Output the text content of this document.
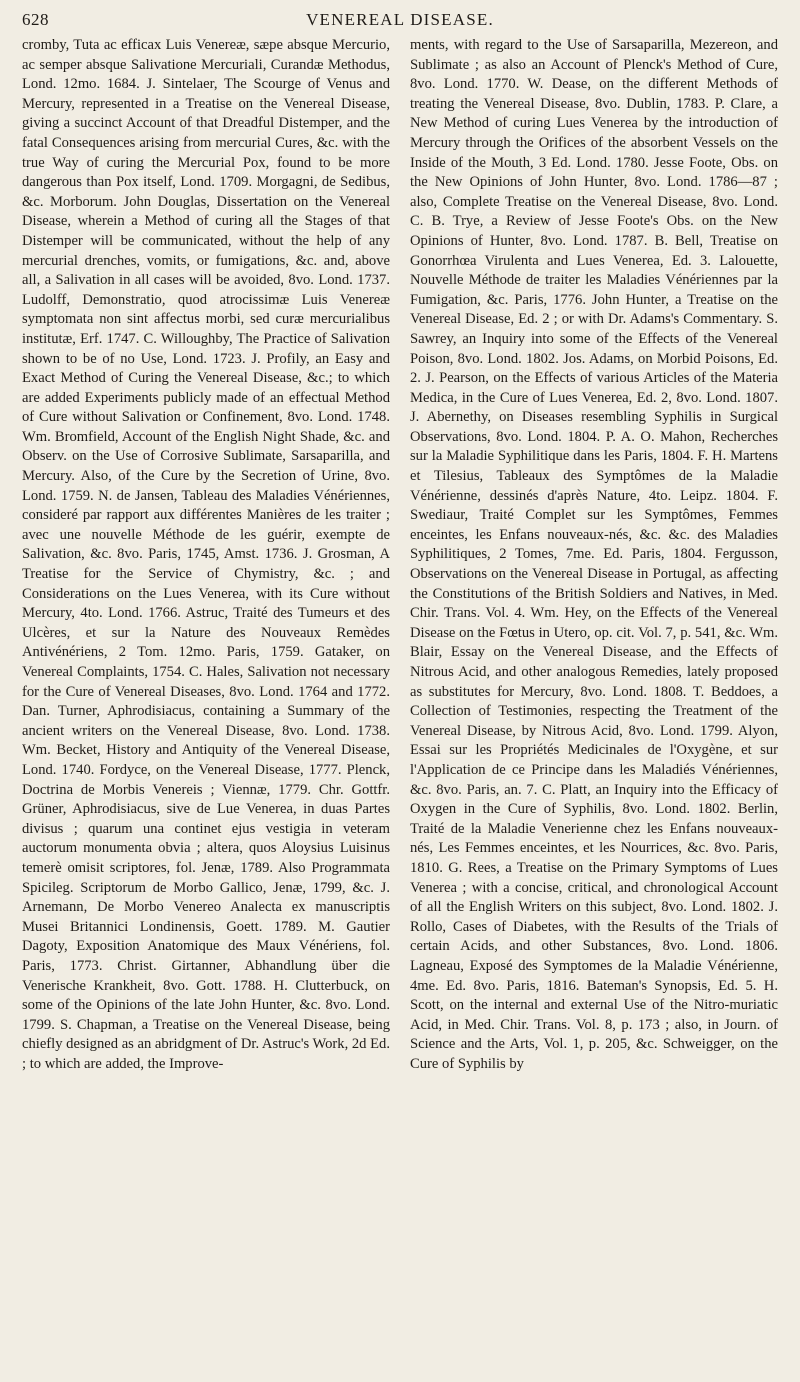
628	VENEREAL DISEASE.

cromby, Tuta ac efficax Luis Venereæ, sæpe absque Mercurio, ac semper absque Salivatione Mercuriali, Curandæ Methodus, Lond. 12mo. 1684. J. Sintelaer, The Scourge of Venus and Mercury, represented in a Treatise on the Venereal Disease, giving a succinct Account of that Dreadful Distemper, and the fatal Consequences arising from mercurial Cures, &c. with the true Way of curing the Mercurial Pox, found to be more dangerous than Pox itself, Lond. 1709. Morgagni, de Sedibus, &c. Morborum. John Douglas, Dissertation on the Venereal Disease, wherein a Method of curing all the Stages of that Distemper will be communicated, without the help of any mercurial drenches, vomits, or fumigations, &c. and, above all, a Salivation in all cases will be avoided, 8vo. Lond. 1737. Ludolff, Demonstratio, quod atrocissimæ Luis Venereæ symptomata non sint affectus morbi, sed curæ mercurialibus institutæ, Erf. 1747. C. Willoughby, The Practice of Salivation shown to be of no Use, Lond. 1723. J. Profily, an Easy and Exact Method of Curing the Venereal Disease, &c.; to which are added Experiments publicly made of an effectual Method of Cure without Salivation or Confinement, 8vo. Lond. 1748. Wm. Bromfield, Account of the English Night Shade, &c. and Observ. on the Use of Corrosive Sublimate, Sarsaparilla, and Mercury. Also, of the Cure by the Secretion of Urine, 8vo. Lond. 1759. N. de Jansen, Tableau des Maladies Vénériennes, consideré par rapport aux différentes Manières de les traiter ; avec une nouvelle Méthode de les guérir, exempte de Salivation, &c. 8vo. Paris, 1745, Amst. 1736. J. Grosman, A Treatise for the Service of Chymistry, &c. ; and Considerations on the Lues Venerea, with its Cure without Mercury, 4to. Lond. 1766. Astruc, Traité des Tumeurs et des Ulcères, et sur la Nature des Nouveaux Remèdes Antivénériens, 2 Tom. 12mo. Paris, 1759. Gataker, on Venereal Complaints, 1754. C. Hales, Salivation not necessary for the Cure of Venereal Diseases, 8vo. Lond. 1764 and 1772. Dan. Turner, Aphrodisiacus, containing a Summary of the ancient writers on the Venereal Disease, 8vo. Lond. 1738. Wm. Becket, History and Antiquity of the Venereal Disease, Lond. 1740. Fordyce, on the Venereal Disease, 1777. Plenck, Doctrina de Morbis Venereis ; Viennæ, 1779. Chr. Gottfr. Grüner, Aphrodisiacus, sive de Lue Venerea, in duas Partes divisus ; quarum una continet ejus vestigia in veteram auctorum monumenta obvia ; altera, quos Aloysius Luisinus temerè omisit scriptores, fol. Jenæ, 1789. Also Programmata Spicileg. Scriptorum de Morbo Gallico, Jenæ, 1799, &c. J. Arnemann, De Morbo Venereo Analecta ex manuscriptis Musei Britannici Londinensis, Goett. 1789. M. Gautier Dagoty, Exposition Anatomique des Maux Vénériens, fol. Paris, 1773. Christ. Girtanner, Abhandlung über die Venerische Krankheit, 8vo. Gott. 1788. H. Clutterbuck, on some of the Opinions of the late John Hunter, &c. 8vo. Lond. 1799. S. Chapman, a Treatise on the Venereal Disease, being chiefly designed as an abridgment of Dr. Astruc's Work, 2d Ed. ; to which are added, the Improve-

ments, with regard to the Use of Sarsaparilla, Mezereon, and Sublimate ; as also an Account of Plenck's Method of Cure, 8vo. Lond. 1770. W. Dease, on the different Methods of treating the Venereal Disease, 8vo. Dublin, 1783. P. Clare, a New Method of curing Lues Venerea by the introduction of Mercury through the Orifices of the absorbent Vessels on the Inside of the Mouth, 3 Ed. Lond. 1780. Jesse Foote, Obs. on the New Opinions of John Hunter, 8vo. Lond. 1786—87 ; also, Complete Treatise on the Venereal Disease, 8vo. Lond. C. B. Trye, a Review of Jesse Foote's Obs. on the New Opinions of Hunter, 8vo. Lond. 1787. B. Bell, Treatise on Gonorrhœa Virulenta and Lues Venerea, Ed. 3. Lalouette, Nouvelle Méthode de traiter les Maladies Vénériennes par la Fumigation, &c. Paris, 1776. John Hunter, a Treatise on the Venereal Disease, Ed. 2 ; or with Dr. Adams's Commentary. S. Sawrey, an Inquiry into some of the Effects of the Venereal Poison, 8vo. Lond. 1802. Jos. Adams, on Morbid Poisons, Ed. 2. J. Pearson, on the Effects of various Articles of the Materia Medica, in the Cure of Lues Venerea, Ed. 2, 8vo. Lond. 1807. J. Abernethy, on Diseases resembling Syphilis in Surgical Observations, 8vo. Lond. 1804. P. A. O. Mahon, Recherches sur la Maladie Syphilitique dans les Paris, 1804. F. H. Martens et Tilesius, Tableaux des Symptômes de la Maladie Vénérienne, dessinés d'après Nature, 4to. Leipz. 1804. F. Swediaur, Traité Complet sur les Symptômes, Femmes enceintes, les Enfans nouveaux-nés, &c. &c. des Maladies Syphilitiques, 2 Tomes, 7me. Ed. Paris, 1804. Fergusson, Observations on the Venereal Disease in Portugal, as affecting the Constitutions of the British Soldiers and Natives, in Med. Chir. Trans. Vol. 4. Wm. Hey, on the Effects of the Venereal Disease on the Fœtus in Utero, op. cit. Vol. 7, p. 541, &c. Wm. Blair, Essay on the Venereal Disease, and the Effects of Nitrous Acid, and other analogous Remedies, lately proposed as substitutes for Mercury, 8vo. Lond. 1808. T. Beddoes, a Collection of Testimonies, respecting the Treatment of the Venereal Disease, by Nitrous Acid, 8vo. Lond. 1799. Alyon, Essai sur les Propriétés Medicinales de l'Oxygène, et sur l'Application de ce Principe dans les Maladiés Vénériennes, &c. 8vo. Paris, an. 7. C. Platt, an Inquiry into the Efficacy of Oxygen in the Cure of Syphilis, 8vo. Lond. 1802. Berlin, Traité de la Maladie Venerienne chez les Enfans nouveaux-nés, Les Femmes enceintes, et les Nourrices, &c. 8vo. Paris, 1810. G. Rees, a Treatise on the Primary Symptoms of Lues Venerea ; with a concise, critical, and chronological Account of all the English Writers on this subject, 8vo. Lond. 1802. J. Rollo, Cases of Diabetes, with the Results of the Trials of certain Acids, and other Substances, 8vo. Lond. 1806. Lagneau, Exposé des Symptomes de la Maladie Vénérienne, 4me. Ed. 8vo. Paris, 1816. Bateman's Synopsis, Ed. 5. H. Scott, on the internal and external Use of the Nitro-muriatic Acid, in Med. Chir. Trans. Vol. 8, p. 173 ; also, in Journ. of Science and the Arts, Vol. 1, p. 205, &c. Schweigger, on the Cure of Syphilis by
